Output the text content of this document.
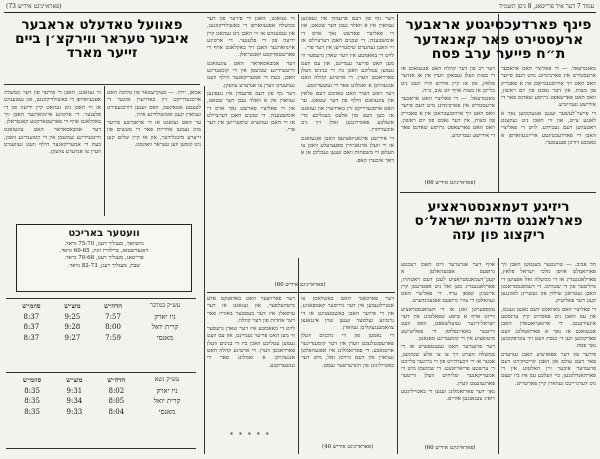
עמוד 7 דער איד פרייטאג, 8 ניסן תשמ״ד
(פאראייניגט אידיש 73)
פינף פארדעכטיגטע אראבער ארעסטירט פאר קאנאדער ת״ח פייער ערב פסח

מאנטרעאל. — די פאליציי האט אראבער ארעסטירט אין פארבינדונג מיט דעם פייער וואס האט זיך ארויסגעבראכן אין א פאבריק פון מצות, אין דער נאכט פון יום ראשון, וואס האט פארשאפט גרויסע שאדנס פאר די אידישע געמיינדע.

די פייער־לעשער זענען אנגעקומען נאך א לאנגע צייט, און זיי האבן ניט געקענט ראטעווען דעם געביידע. לויט די פאליציי האבן די פארדעכטיגטע אריינגעווארפן א באמבע דורכן פענצטער.

דער רב פון דער קהלה האט אנגעזאגט אז די מצות וועלן געבאקן ווערן אין אן אנדער פלאץ, און אז קיין אידיש הויז וועט ניט בלייבן אן מצות אויף יום טוב, ב״ה.

מאנטרעאל. — די פאליציי האט אראבער ארעסטירט אין פארבינדונג מיט דעם פייער וואס האט זיך ארויסגעבראכן אין א פאבריק פון מצות, אין דער נאכט פון יום ראשון, וואס האט פארשאפט גרויסע שאדנס פאר די אידישע געמיינדע.

(פאראייניגט אידיש 66)
ריזיגע דעמאנסטראציע פארלאנגט מדינת ישראל׳ס ריקצוג פון עזה

תל אביב. — טויזנטער מענטשן האבן זיך פארזאמלט אויפן מלכי ישראל פלאץ, פארלאנגענדיג אז די ממשלה זאל אפציען די מיליטער פון די שטחים. די דעמאנסטראנטן האבן געטראגן שילדן און געשריגן לאזונגען קעגן דער פאליטיק.

די פאליציי האט באוואכט דעם גאנצן געגנט, און עס האבן ניט פאסירט קיין ערנסטע אינצידענטן. די ארגאניזאטארן האבן אנגעזאגט אז נאך א פארזאמלונג וועט פארקומען ווען די כנסת וועט זיך צונויפקומען נאך פסח.

פירער פון דער אפאזיציע האבן גערעדט פאר דעם עולם און האבן קריטיקירט דעם פרעמיער איבער זיין האלטונג אין די פארהאנדלונגען, ביי וועלכע עס איז ביז יעצט ניט דערגרייכט געווארן קיין פארשריט.

אויף דער אנדערער זייט האבן רעכטע גרופעס אפגעהאלטן א קעגן־דעמאנסטראציע לעבן דעם ראטהויז, פארלאנגענדיג מען זאל ניט אפטרעטן קיין איינציגן שפאן ערד. די פאליציי האט געהאלטן די צוויי גרופעס אפגעזונדערט.

עקספערטן זאגן אז די דעמאנסטראציע ווייזט אויף א טיפע שפאלטונג אין דער ישראל׳דיגער געזעלשאפט, וואס וועט ווייטער באאיינפלוסן די פאליטישע סיטואציע אין די קומענדיגע מאנאטן.

דער פרעמיער האט געענטפערט אז די ממשלה הערט זיך צו צו אלע שטימען, אבער אז די זיכערהייט פון די בירגער בלייבט די ערשטע פריאריטעט. די שמועסן מיט די אמעריקאנער שליחים וועלן ווייטער פארגעזעצט ווערן.

נאך דער פארזאמלונג זענען די באטייליגטע רואיג צעגאנגען אהיים.

(פאראייניגט אידיש 60)

דער גוף פון דעם פרעמדן איז געפונען געווארן אין א וואלד נעבן דער שטאט, און די פאליציי פארשט נאך אויס די אומשטענדן. די שכנים האבן דערציילט אז זיי האבן געהערט שיסערייען אין דער פרי.

לויט די באאמטע איז דער שאדן גרעסער ווי מען האט פריער געמיינט, און עס וועט נעמען עטליכע וואכן ביז די בנינים וועלן פארראכטן ווערן. די ארטיגע קהלה האט אנגעהויבן א זאמלונג פאר די געשעדיגטע.

דער ראש העיר האט באזוכט דעם פלאץ און צוגעזאגט הילף פון דער שטאט. ער האט אויסגעדריקט זיין באדויערן און געזאגט אז מען וועט טון אלעס מעגליכע כדי אזעלכע פאסירונגען זאלן זיך ניט איבערחזרן.

די אידישע ארגאניזאציעס האבן אנגעזאגט אז זיי וועלן ארגאניזירן ספעציעלע וואכן צו העלפן די משפחות וואס זענען געבליבן אן א דאך איבערן קאפ.

ווי געזאגט, האבן די פירער פון דער ממשלה אפגעווארפן די באשולדיקונגען, און געטענהט אז זיי האבן ניט געהאט קיין ידיעה פון די פלענער. די ארטיגע איינוואוינער האבן זיך באקלאגט אויף די פארשטארקטע קאנטראלן.

דער אמבאסאדאר האט צוגעזאגט ווייטערדיגע שמועסן אין די קומענדיגע וואכן, בעת די אמעריקאנער הילף וועט געווענדט ווערן צו אנדערע צוועקן.

דער גוף פון דעם פרעמדן איז געפונען געווארן אין א וואלד נעבן דער שטאט, און די פאליציי פארשט נאך אויס די אומשטענדן. די שכנים האבן דערציילט אז זיי האבן געהערט שיסערייען אין דער פרי.

(פאראייניגט אידיש 80)

דער פארבאנד האט באשלאסן צו אנטיילנעמען אין דער גרויסער קאמפאניע, און די פירער האבן באשטעטיגט אז די נויטיגע געלטער זענען שוין אינגאנצן צוזאמענגעקליבן געווארן.

די נאמען פון די נדבנים וועלן פארעפנטלעכט ווערן אין דער קומענדיגער אויסגאבע. די פארזאמלונג איז אפגעהאלטן געווארן אין דעם גרויסן זאל, מיט דער באטייליגונג פון הונדערטער געסט.

דער פארזיצער האט באדאנקט אלע מיטהעלפער, און געזאגט אז דער ערפאלג איז דער בעסטער באווייז פאר דער אחדות פון דער קהלה.

לויט די באאמטע איז דער שאדן גרעסער ווי מען האט פריער געמיינט, און עס וועט נעמען עטליכע וואכן ביז די בנינים וועלן פארראכטן ווערן. די ארטיגע קהלה האט אנגעהויבן א זאמלונג פאר די געשעדיגטע.

* * * * *
(פאראייניגט אידיש 40)
פאוועל טאדעלט אראבער איבער טעראר ווירקצ׳ן ביים זייער מארד

אמאן, ירדן. — סעקרעטאר פון מלוכה האט אויסגעדריקט זיין באדויערן איבער די לעצטע אטאקעס, וואס זענען דורכגעפירט געווארן קעגן אומשולדיגע אידן.

ער האט געזאגט אז די אראבישע פירער מוזן נעמען אחריות פאר די מעשים פון זייערע מיטגלידער, און אז קיין שלום קען ניט קומען ווען טעראר וואקסט.

ווי געזאגט, האבן די פירער פון דער ממשלה אפגעווארפן די באשולדיקונגען, און געטענהט אז זיי האבן ניט געהאט קיין ידיעה פון די פלענער. די ארטיגע איינוואוינער האבן זיך באקלאגט אויף די פארשטארקטע קאנטראלן.

דער אמבאסאדאר האט צוגעזאגט ווייטערדיגע שמועסן אין די קומענדיגע וואכן, בעת די אמעריקאנער הילף וועט געווענדט ווערן צו אנדערע צוועקן.

וועטער באריכט
מיטוואך, מעגליך רעגן, 75-70 גראד.
דאנערשטאג, טיילווייז זוניג, 60-65 גראד.
פרייטאג, מעגליך רעגן, 70-68 גראד.
שבת, מעגליך רעגן, 82-73 גראד.
עש״ק במדבר	הדה״ש	מוצ״ש	סוזמ״ש
ניו יארק	7:57	9:25	8:37
קרית יואל	8:00	9:28	8:37
מאנסי	7:59	9:27	8:37
עש״ק נשא	הדה״ש	מוצ״ש	סוזמ״ש
ניו יארק	8:02	9:31	8:35
קרית יואל	8:05	9:34	8:35
מאנסי	8:04	9:33	8:35
